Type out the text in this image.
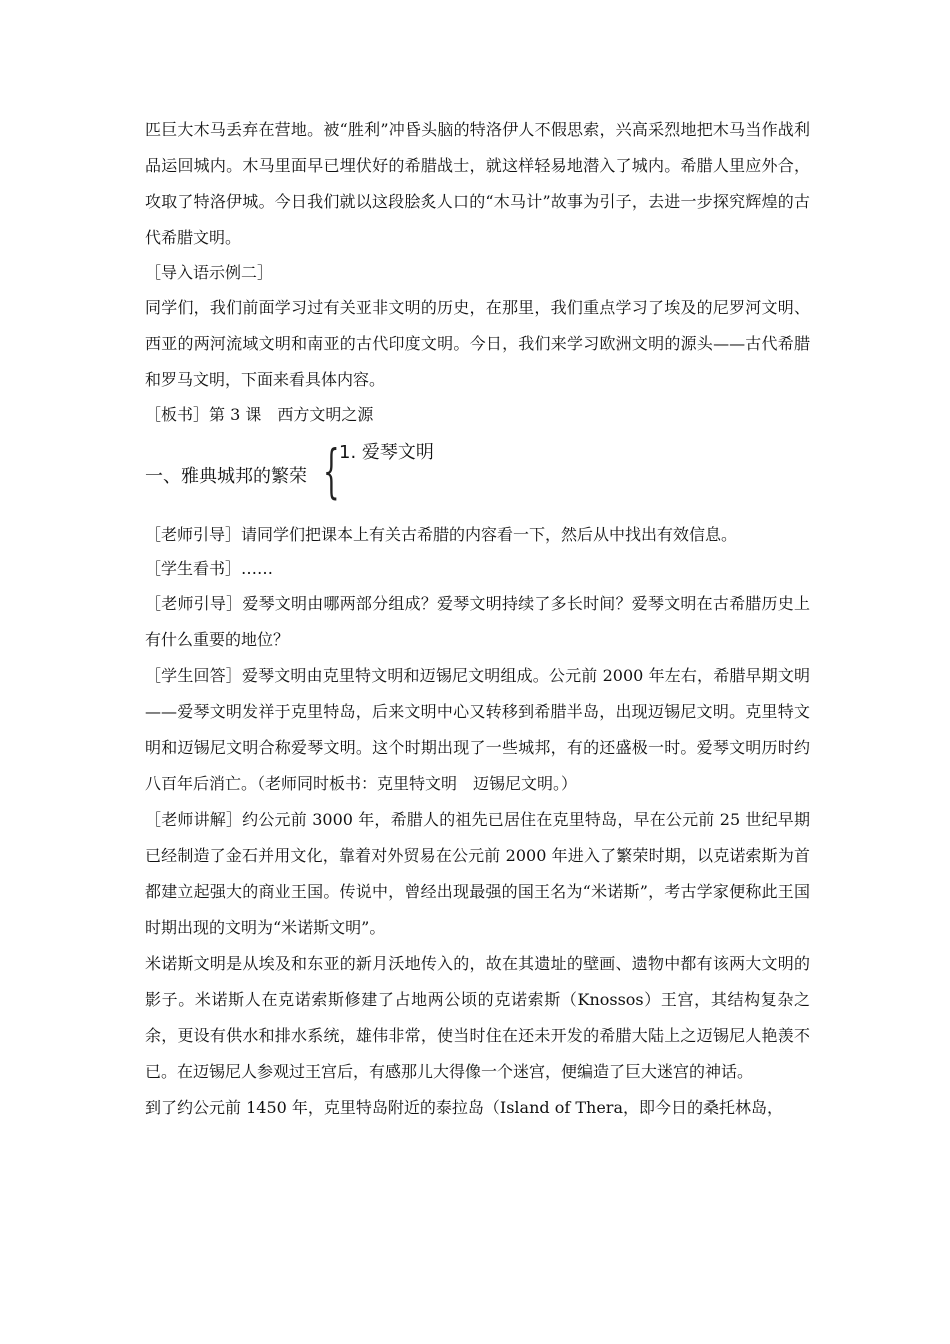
匹巨大木马丢弃在营地。被“胜利”冲昏头脑的特洛伊人不假思索，兴高采烈地把木马当作战利品运回城内。木马里面早已埋伏好的希腊战士，就这样轻易地潜入了城内。希腊人里应外合，攻取了特洛伊城。今日我们就以这段脍炙人口的“木马计”故事为引子，去进一步探究辉煌的古代希腊文明。

［导入语示例二］

同学们，我们前面学习过有关亚非文明的历史，在那里，我们重点学习了埃及的尼罗河文明、西亚的两河流域文明和南亚的古代印度文明。今日，我们来学习欧洲文明的源头——古代希腊和罗马文明，下面来看具体内容。

［板书］第 3 课　西方文明之源

一、雅典城邦的繁荣 { 1. 爱琴文明

［老师引导］请同学们把课本上有关古希腊的内容看一下，然后从中找出有效信息。

［学生看书］……

［老师引导］爱琴文明由哪两部分组成？爱琴文明持续了多长时间？爱琴文明在古希腊历史上有什么重要的地位？

［学生回答］爱琴文明由克里特文明和迈锡尼文明组成。公元前 2000 年左右，希腊早期文明——爱琴文明发祥于克里特岛，后来文明中心又转移到希腊半岛，出现迈锡尼文明。克里特文明和迈锡尼文明合称爱琴文明。这个时期出现了一些城邦，有的还盛极一时。爱琴文明历时约八百年后消亡。（老师同时板书：克里特文明　迈锡尼文明。）

［老师讲解］约公元前 3000 年，希腊人的祖先已居住在克里特岛，早在公元前 25 世纪早期已经制造了金石并用文化，靠着对外贸易在公元前 2000 年进入了繁荣时期，以克诺索斯为首都建立起强大的商业王国。传说中，曾经出现最强的国王名为“米诺斯”，考古学家便称此王国时期出现的文明为“米诺斯文明”。

米诺斯文明是从埃及和东亚的新月沃地传入的，故在其遗址的壁画、遗物中都有该两大文明的影子。米诺斯人在克诺索斯修建了占地两公顷的克诺索斯（Knossos）王宫，其结构复杂之余，更设有供水和排水系统，雄伟非常，使当时住在还未开发的希腊大陆上之迈锡尼人艳羡不已。在迈锡尼人参观过王宫后，有感那儿大得像一个迷宫，便编造了巨大迷宫的神话。

到了约公元前 1450 年，克里特岛附近的泰拉岛（Island of Thera，即今日的桑托林岛，
